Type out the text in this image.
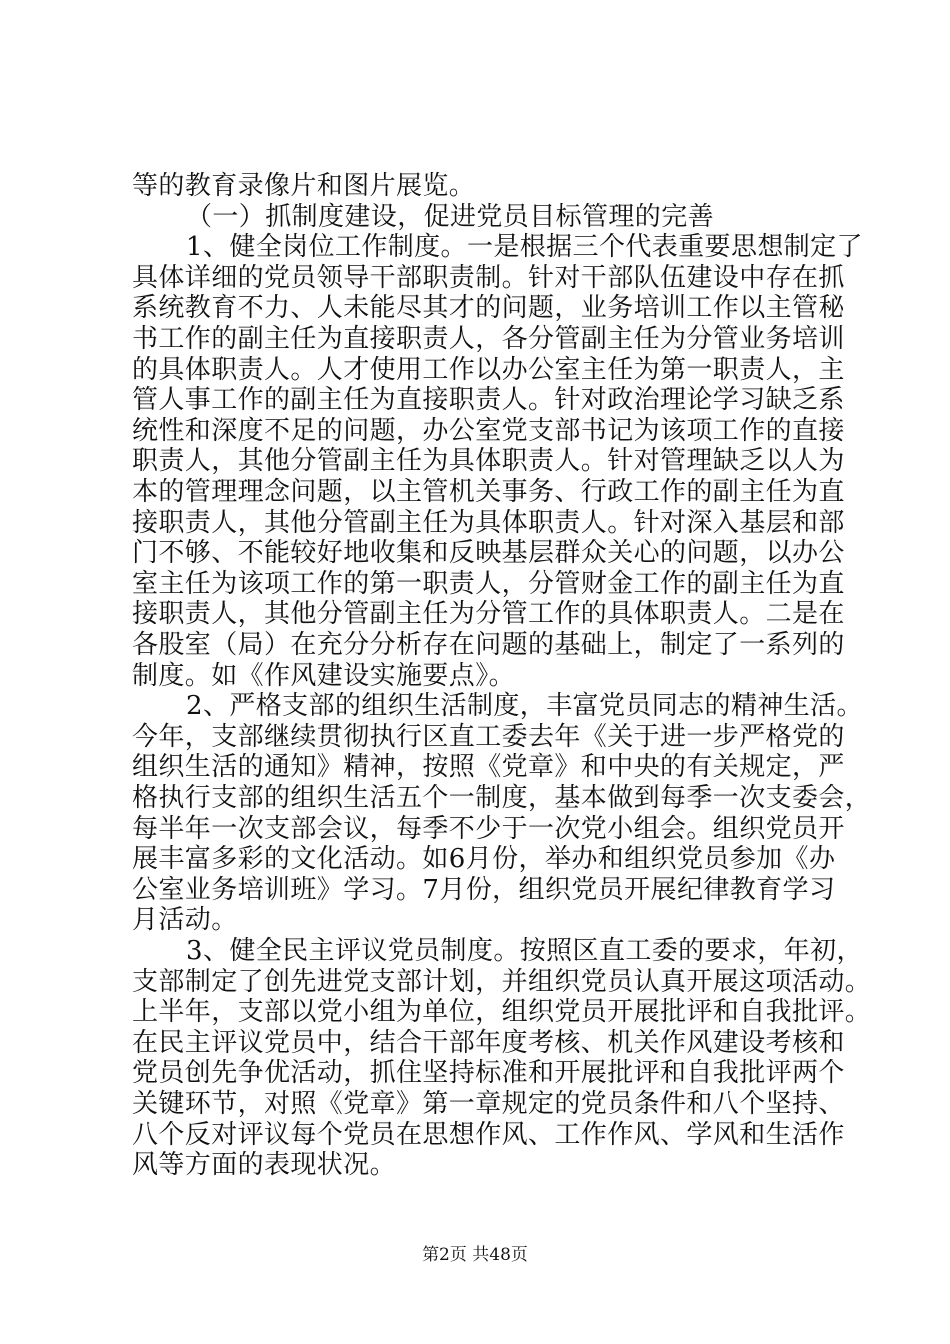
等的教育录像片和图片展览。
（一）抓制度建设，促进党员目标管理的完善
1、健全岗位工作制度。一是根据三个代表重要思想制定了
具体详细的党员领导干部职责制。针对干部队伍建设中存在抓
系统教育不力、人未能尽其才的问题，业务培训工作以主管秘
书工作的副主任为直接职责人，各分管副主任为分管业务培训
的具体职责人。人才使用工作以办公室主任为第一职责人，主
管人事工作的副主任为直接职责人。针对政治理论学习缺乏系
统性和深度不足的问题，办公室党支部书记为该项工作的直接
职责人，其他分管副主任为具体职责人。针对管理缺乏以人为
本的管理理念问题，以主管机关事务、行政工作的副主任为直
接职责人，其他分管副主任为具体职责人。针对深入基层和部
门不够、不能较好地收集和反映基层群众关心的问题，以办公
室主任为该项工作的第一职责人，分管财金工作的副主任为直
接职责人，其他分管副主任为分管工作的具体职责人。二是在
各股室（局）在充分分析存在问题的基础上，制定了一系列的
制度。如《作风建设实施要点》。
2、严格支部的组织生活制度，丰富党员同志的精神生活。
今年，支部继续贯彻执行区直工委去年《关于进一步严格党的
组织生活的通知》精神，按照《党章》和中央的有关规定，严
格执行支部的组织生活五个一制度，基本做到每季一次支委会，
每半年一次支部会议，每季不少于一次党小组会。组织党员开
展丰富多彩的文化活动。如6月份，举办和组织党员参加《办
公室业务培训班》学习。7月份，组织党员开展纪律教育学习
月活动。
3、健全民主评议党员制度。按照区直工委的要求，年初，
支部制定了创先进党支部计划，并组织党员认真开展这项活动。
上半年，支部以党小组为单位，组织党员开展批评和自我批评。
在民主评议党员中，结合干部年度考核、机关作风建设考核和
党员创先争优活动，抓住坚持标准和开展批评和自我批评两个
关键环节，对照《党章》第一章规定的党员条件和八个坚持、
八个反对评议每个党员在思想作风、工作作风、学风和生活作
风等方面的表现状况。
第2页 共48页
